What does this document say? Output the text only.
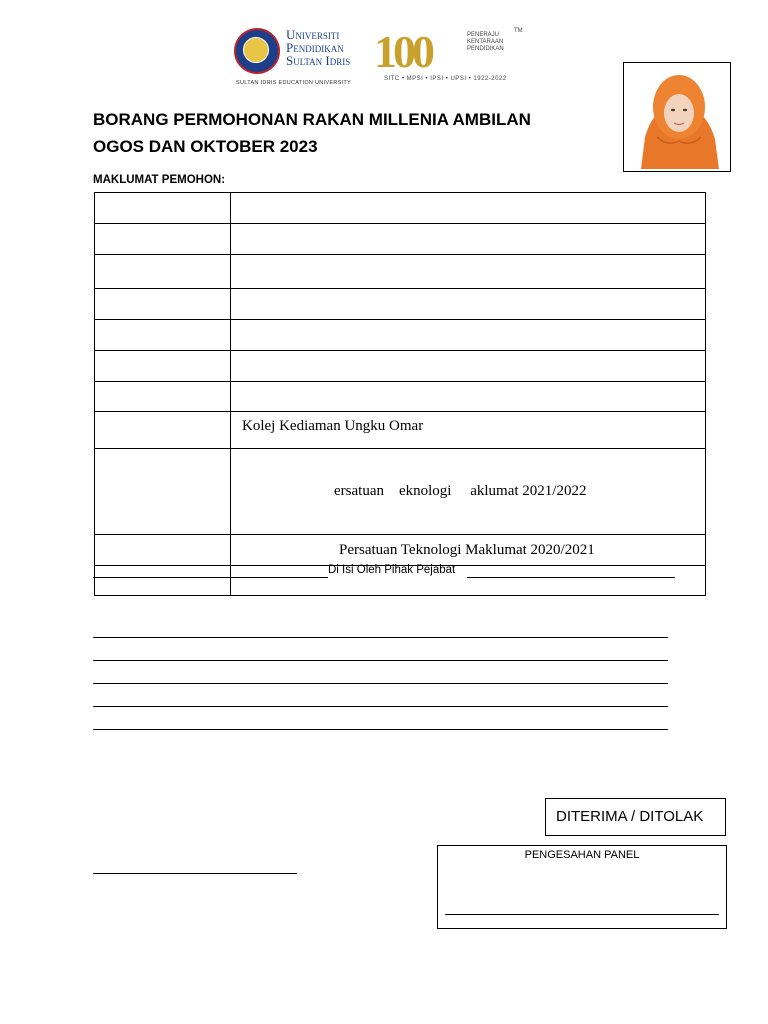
Universiti
Pendidikan
Sultan Idris
SULTAN IDRIS EDUCATION UNIVERSITY
100	PENERAJU KENTARAAN PENDIDIKAN
TM
SITC • MPSI • IPSI • UPSI • 1922-2022
BORANG PERMOHONAN RAKAN MILLENIA AMBILAN
OGOS DAN OKTOBER 2023
MAKLUMAT PEMOHON:

	Kolej Kediaman Ungku Omar

	ersatuan    eknologi     aklumat 2021/2022

	Persatuan Teknologi Maklumat 2020/2021

Di Isi Oleh Pihak Pejabat
DITERIMA / DITOLAK
PENGESAHAN PANEL
